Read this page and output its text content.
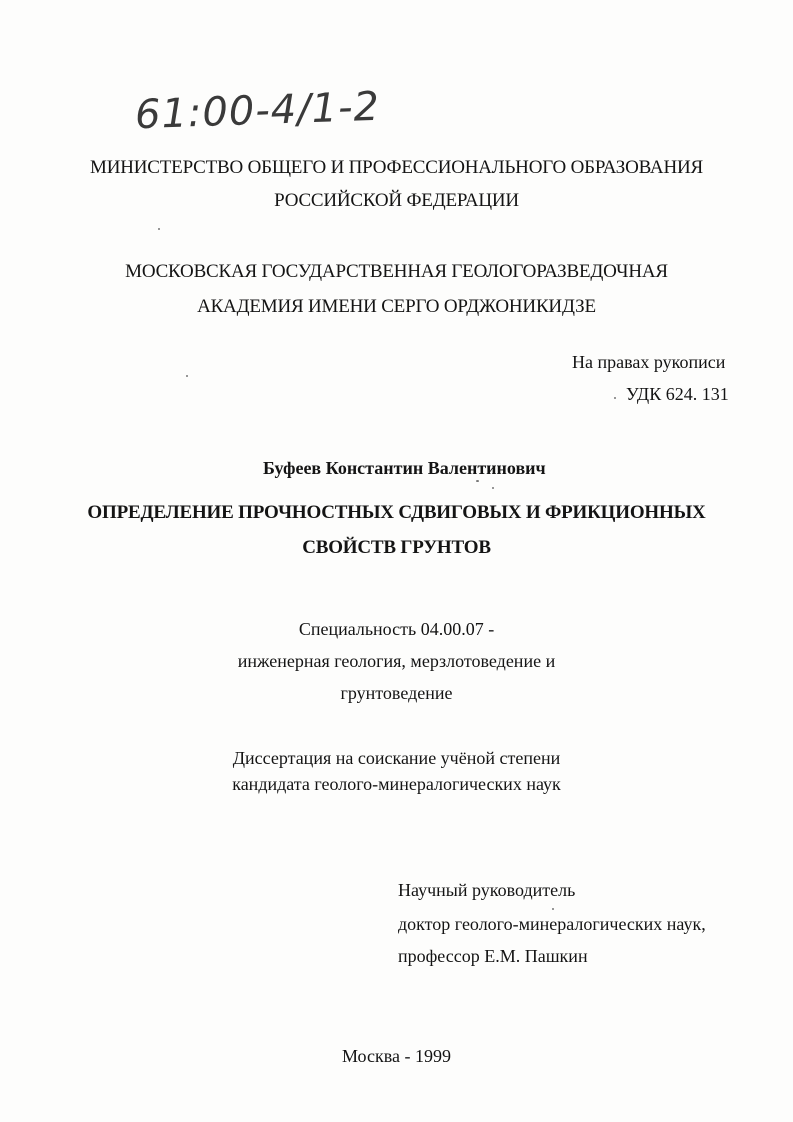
61:00-4/1-2
МИНИСТЕРСТВО ОБЩЕГО И ПРОФЕССИОНАЛЬНОГО ОБРАЗОВАНИЯ
РОССИЙСКОЙ ФЕДЕРАЦИИ
МОСКОВСКАЯ ГОСУДАРСТВЕННАЯ ГЕОЛОГОРАЗВЕДОЧНАЯ
АКАДЕМИЯ ИМЕНИ СЕРГО ОРДЖОНИКИДЗЕ
На правах рукописи
УДК 624. 131
Буфеев Константин Валентинович
ОПРЕДЕЛЕНИЕ ПРОЧНОСТНЫХ СДВИГОВЫХ И ФРИКЦИОННЫХ
СВОЙСТВ ГРУНТОВ
Специальность 04.00.07 -
инженерная геология, мерзлотоведение и
грунтоведение
Диссертация на соискание учёной степени
кандидата геолого-минералогических наук
Научный руководитель
доктор геолого-минералогических наук,
профессор Е.М. Пашкин
Москва - 1999
